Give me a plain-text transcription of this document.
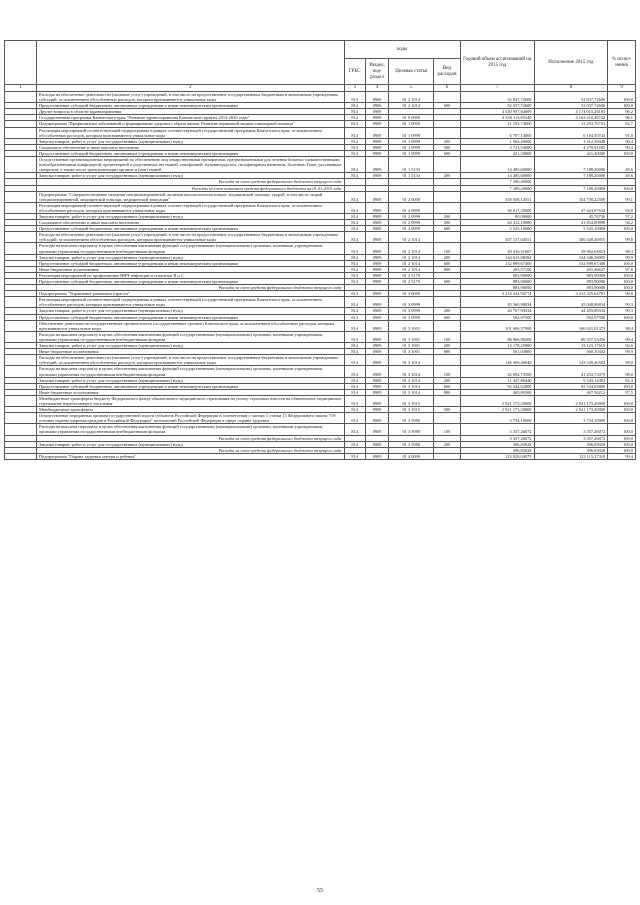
		коды				Годовой объем ассигнований на 2015 год	Исполнение 2015 год	% испол- нения
		ГРБС	Раздел, под- раздел	Целевая статья	Вид расходов			
1	2	3	4	5	6	7	8	9
	Расходы на обеспечение деятельности (оказание услуг) учреждений, в том числе на предоставление государственным бюджетным и автономным учреждениям субсидий, за исключением обособленных расходов, которым присваиваются уникальные коды	814	0906	01 2 1014		52 037,72600	52 037,72600	100,0
	Предоставление субсидий бюджетным, автономным учреждениям и иным некоммерческим организациям	814	0906	01 2 1014	600	52 037,72600	52 037,72600	100,0
	Другие вопросы в области здравоохранения	814	0909			4 340 957,64009	4 174 015,29183	96,2
	Государственная программа Камчатского края "Развитие здравоохранения Камчатского края на 2014-2020 годы"	814	0909	01 0 0000		4 330 113,85340	4 163 210,48742	96,1
	Подпрограмма "Профилактика заболеваний и формирование здорового образа жизни. Развитие первичной медико-санитарной помощи"	814	0909	01 1 0000		21 192,74000	13 293,70743	62,7
	Реализация мероприятий соответствующей подпрограммы в рамках соответствующей государственной программы Камчатского края, за исключением обособленных расходов, которым присваиваются уникальные коды	814	0909	01 1 0999		6 707,14000	6 104,50743	91,0
	Закупка товаров, работ и услуг для государственных (муниципальных) нужд	814	0909	01 1 0999	200	1 562,40000	1 412,30048	90,4
	Социальное обеспечение и иные выплаты населению	814	0909	01 1 0999	300	4 723,54000	4 270,91695	90,4
	Предоставление субсидий бюджетным, автономным учреждениям и иным некоммерческим организациям	814	0909	01 1 0999	600	421,20000	421,20000	100,0
	Осуществление организационных мероприятий по обеспечению лиц лекарственными препаратами, предназначенными для лечения больных злокачественными новообразованиями лимфоидной, кроветворной и родственных им тканей, гемофилией, муковисцидозом, гипофизарным нанизмом, болезнью Гоше, рассеянным склерозом, а также после трансплантации органов и (или) тканей	814	0909	01 1 5133		14 485,60000	7 189,20000	49,6
	Закупка товаров, работ и услуг для государственных (муниципальных) нужд	814	0909	01 1 5133	200	14 485,60000	7 189,20000	49,6
	Расходы за счет средств федерального бюджета текущего года					7 296,40000		
	Расходы за счет остатков средств федерального бюджета на 01.01.2015 года					7 189,20000	7 189,20000	100,0
	Подпрограмма "Совершенствование оказания специализированной, включая высокотехнологичную, медицинской помощи, скорой, в том числе скорой специализированной, медицинской помощи, медицинской эвакуации"	814	0909	01 2 0000		358 058,14551	354 758,22589	99,1
	Реализация мероприятий соответствующей подпрограммы в рамках соответствующей государственной программы Камчатского края, за исключением обособленных расходов, которым присваиваются уникальные коды	814	0909	01 2 0999		50 017,20000	47 424,87634	94,8
	Закупка товаров, работ и услуг для государственных (муниципальных) нужд	814	0909	01 2 0999	200	80,00000	45,76736	57,2
	Социальное обеспечение и иные выплаты населению	814	0909	01 2 0999	300	44 412,10000	41 854,00898	94,2
	Предоставление субсидий бюджетным, автономным учреждениям и иным некоммерческим организациям	814	0909	01 2 0999	600	5 525,10000	5 525,10000	100,0
	Расходы на обеспечение деятельности (оказание услуг) учреждений, в том числе на предоставление государственным бюджетным и автономным учреждениям субсидий, за исключением обособленных расходов, которым присваиваются уникальные коды	814	0909	01 2 1014		307 137,04551	306 449,46955	99,8
	Расходы на выплаты персоналу в целях обеспечения выполнения функций государственными (муниципальными) органами, казенными учреждениями, органами управления государственными внебюджетными фондами	814	0909	01 2 1014	100	29 416,31667	28 902,04823	98,3
	Закупка товаров, работ и услуг для государственных (муниципальных) нужд	814	0909	01 2 1014	200	144 615,08284	144 446,28005	99,9
	Предоставление субсидий бюджетным, автономным учреждениям и иным некоммерческим организациям	814	0909	01 2 1014	600	132 899,67400	132 899,67400	100,0
	Иные бюджетные ассигнования	814	0909	01 2 1014	800	205,97100	201,46627	97,8
	Реализация мероприятий по профилактике ВИЧ-инфекции и гепатитов В и С	814	0909	01 2 5179		883,90000	883,90000	100,0
	Предоставление субсидий бюджетным, автономным учреждениям и иным некоммерческим организациям	814	0909	01 2 5179	600	883,90000	883,90000	100,0
	Расходы за счет средств федерального бюджета текущего года					883,90000	883,90000	100,0
	Подпрограмма "Управление развитием отрасли"	814	0909	01 3 0000		3 218 344,94774	3 213 325,64791	99,8
	Реализация мероприятий соответствующей подпрограммы в рамках соответствующей государственной программы Камчатского края, за исключением обособленных расходов, которым присваиваются уникальные коды	814	0909	01 3 0999		45 360,90834	45 048,86834	99,3
	Закупка товаров, работ и услуг для государственных (муниципальных) нужд	814	0909	01 3 0999	200	44 767,93334	44 455,89334	99,3
	Предоставление субсидий бюджетным, автономным учреждениям и иным некоммерческим организациям	814	0909	01 3 0999	600	592,97500	592,97500	100,0
	Обеспечение деятельности государственных органов власти (государственных органов) Камчатского края, за исключением обособленных расходов, которым присваиваются уникальные коды	814	0909	01 3 1001		101 606,57900	100 021,01373	98,4
	Расходы на выплаты персоналу в целях обеспечения выполнения функций государственными (муниципальными) органами, казенными учреждениями, органами управления государственными внебюджетными фондами	814	0909	01 3 1001	100	86 866,98200	86 337,53456	99,4
	Закупка товаров, работ и услуг для государственных (муниципальных) нужд	814	0909	01 3 1001	200	14 178,25900	13 123,17615	92,6
	Иные бюджетные ассигнования	814	0909	01 3 1001	800	561,03800	560,30302	99,9
	Расходы на обеспечение деятельности (оказание услуг) учреждений, в том числе на предоставление государственным бюджетным и автономным учреждениям субсидий, за исключением обособленных расходов, которым присваиваются уникальные коды	814	0909	01 3 1014		146 450,46040	143 528,46584	98,0
	Расходы на выплаты персоналу в целях обеспечения выполнения функций государственными (муниципальными) органами, казенными учреждениями, органами управления государственными внебюджетными фондами	814	0909	01 3 1014	100	42 092,73500	41 233,73079	98,0
	Закупка товаров, работ и услуг для государственных (муниципальных) нужд	814	0909	01 3 1014	200	11 347,80440	9 343,14493	82,3
	Предоставление субсидий бюджетным, автономным учреждениям и иным некоммерческим организациям	814	0909	01 3 1014	600	92 544,02800	92 544,02800	100,0
	Иные бюджетные ассигнования	814	0909	01 3 1014	800	465,89300	407,56212	87,5
	Межбюджетные трансферты бюджету Федерального фонда обязательного медицинского страхования на уплату страховых взносов на обязательное медицинское страхование неработающего населения	814	0909	01 3 1015		2 921 173,20000	2 921 173,20000	100,0
	Межбюджетные трансферты	814	0909	01 3 1015	500	2 921 173,20000	2 921 173,20000	100,0
	Осуществление переданных органам государственной власти субъектов Российской Федерации в соответствии с частью 1 статьи 15 Федерального закона "Об основах охраны здоровья граждан в Российской Федерации" полномочий Российской Федерации в сфере охраны здоровья	814	0909	01 3 5980		3 754,10000	3 754,10000	100,0
	Расходы на выплаты персоналу в целях обеспечения выполнения функций государственными (муниципальными) органами, казенными учреждениями, органами управления государственными внебюджетными фондами	814	0909	01 3 5980	100	3 357,26072	3 357,26072	100,0
	Расходы за счет средств федерального бюджета текущего года					3 357,26072	3 357,26072	100,0
	Закупка товаров, работ и услуг для государственных (муниципальных) нужд	814	0909	01 3 5980	200	396,83928	396,83928	100,0
	Расходы за счет средств федерального бюджета текущего года					396,83928	396,83928	100,0
	Подпрограмма "Охрана здоровья матери и ребенка"	814	0909	01 4 0000		123 828,04975	123 115,27318	99,4
55
